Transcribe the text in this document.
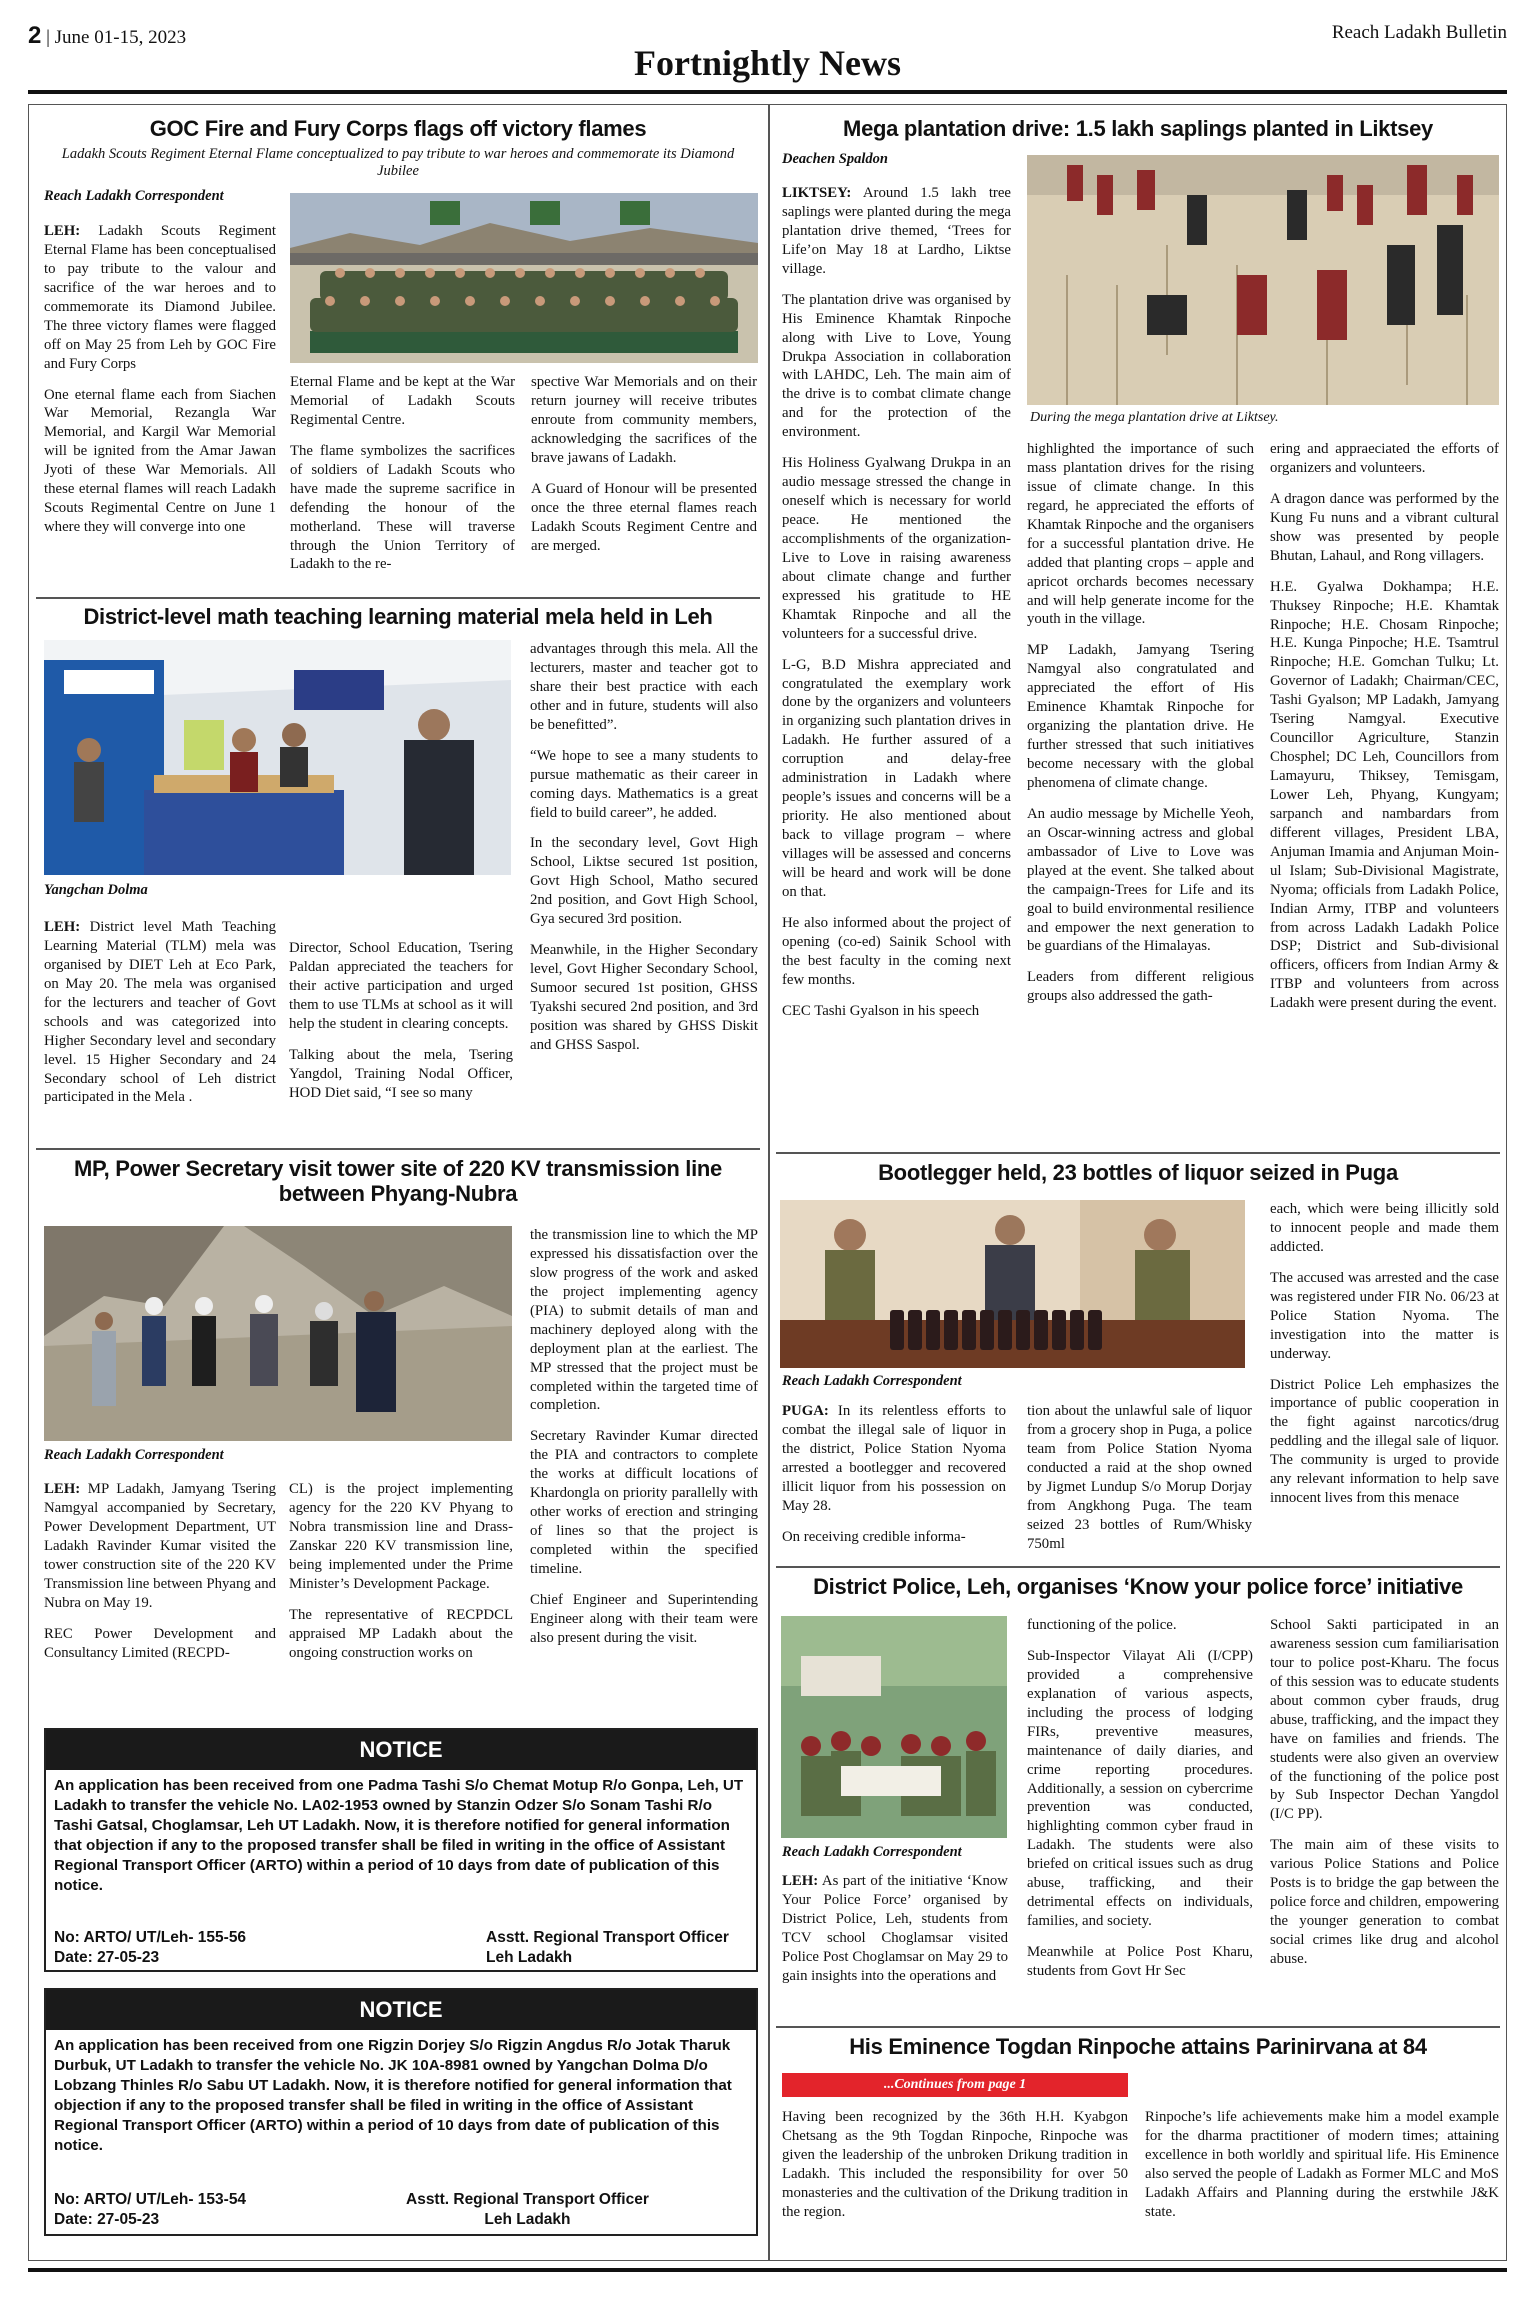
2 | June 01-15, 2023	Reach Ladakh Bulletin
Fortnightly News
GOC Fire and Fury Corps flags off victory flames
Ladakh Scouts Regiment Eternal Flame conceptualized to pay tribute to war heroes and commemorate its Diamond Jubilee
Reach Ladakh Correspondent

LEH: Ladakh Scouts Regiment Eternal Flame has been conceptualised to pay tribute to the valour and sacrifice of the war heroes and to commemorate its Diamond Jubilee. The three victory flames were flagged off on May 25 from Leh by GOC Fire and Fury Corps

One eternal flame each from Siachen War Memorial, Rezangla War Memorial, and Kargil War Memorial will be ignited from the Amar Jawan Jyoti of these War Memorials. All these eternal flames will reach Ladakh Scouts Regimental Centre on June 1 where they will converge into one

Eternal Flame and be kept at the War Memorial of Ladakh Scouts Regimental Centre.

The flame symbolizes the sacrifices of soldiers of Ladakh Scouts who have made the supreme sacrifice in defending the honour of the motherland. These will traverse through the Union Territory of Ladakh to the re-

spective War Memorials and on their return journey will receive tributes enroute from community members, acknowledging the sacrifices of the brave jawans of Ladakh.

A Guard of Honour will be presented once the three eternal flames reach Ladakh Scouts Regiment Centre and are merged.

District-level math teaching learning material mela held in Leh
Yangchan Dolma

LEH: District level Math Teaching Learning Material (TLM) mela was organised by DIET Leh at Eco Park, on May 20. The mela was organised for the lecturers and teacher of Govt schools and was categorized into Higher Secondary level and secondary level. 15 Higher Secondary and 24 Secondary school of Leh district participated in the Mela .

Director, School Education, Tsering Paldan appreciated the teachers for their active participation and urged them to use TLMs at school as it will help the student in clearing concepts.

Talking about the mela, Tsering Yangdol, Training Nodal Officer, HOD Diet said, “I see so many

advantages through this mela. All the lecturers, master and teacher got to share their best practice with each other and in future, students will also be benefitted”.

“We hope to see a many students to pursue mathematic as their career in coming days. Mathematics is a great field to build career”, he added.

In the secondary level, Govt High School, Liktse secured 1st position, Govt High School, Matho secured 2nd position, and Govt High School, Gya secured 3rd position.

Meanwhile, in the Higher Secondary level, Govt Higher Secondary School, Sumoor secured 1st position, GHSS Tyakshi secured 2nd position, and 3rd position was shared by GHSS Diskit and GHSS Saspol.

MP, Power Secretary visit tower site of 220 KV transmission line between Phyang-Nubra
Reach Ladakh Correspondent

LEH: MP Ladakh, Jamyang Tsering Namgyal accompanied by Secretary, Power Development Department, UT Ladakh Ravinder Kumar visited the tower construction site of the 220 KV Transmission line between Phyang and Nubra on May 19.

REC Power Development and Consultancy Limited (RECPD-

CL) is the project implementing agency for the 220 KV Phyang to Nobra transmission line and Drass-Zanskar 220 KV transmission line, being implemented under the Prime Minister’s Development Package.

The representative of RECPDCL appraised MP Ladakh about the ongoing construction works on

the transmission line to which the MP expressed his dissatisfaction over the slow progress of the work and asked the project implementing agency (PIA) to submit details of man and machinery deployed along with the deployment plan at the earliest. The MP stressed that the project must be completed within the targeted time of completion.

Secretary Ravinder Kumar directed the PIA and contractors to complete the works at difficult locations of Khardongla on priority parallelly with other works of erection and stringing of lines so that the project is completed within the specified timeline.

Chief Engineer and Superintending Engineer along with their team were also present during the visit.

NOTICE
An application has been received from one Padma Tashi S/o Chemat Motup R/o Gonpa, Leh, UT Ladakh to transfer the vehicle No. LA02-1953 owned by Stanzin Odzer S/o Sonam Tashi R/o Tashi Gatsal, Choglamsar, Leh UT Ladakh. Now, it is therefore notified for general information that objection if any to the proposed transfer shall be filed in writing in the office of Assistant Regional Transport Officer (ARTO) within a period of 10 days from date of publication of this notice.
No: ARTO/ UT/Leh- 155-56
Date: 27-05-23
Asstt. Regional Transport Officer
Leh Ladakh
NOTICE
An application has been received from one Rigzin Dorjey S/o Rigzin Angdus R/o Jotak Tharuk Durbuk, UT Ladakh to transfer the vehicle No. JK 10A-8981 owned by Yangchan Dolma D/o Lobzang Thinles R/o Sabu UT Ladakh. Now, it is therefore notified for general information that objection if any to the proposed transfer shall be filed in writing in the office of Assistant Regional Transport Officer (ARTO) within a period of 10 days from date of publication of this notice.
No: ARTO/ UT/Leh- 153-54
Date: 27-05-23
Asstt. Regional Transport Officer
Leh Ladakh
Mega plantation drive: 1.5 lakh saplings planted in Liktsey
Deachen Spaldon
During the mega plantation drive at Liktsey.

LIKTSEY: Around 1.5 lakh tree saplings were planted during the mega plantation drive themed, ‘Trees for Life’on May 18 at Lardho, Liktse village.

The plantation drive was organised by His Eminence Khamtak Rinpoche along with Live to Love, Young Drukpa Association in collaboration with LAHDC, Leh. The main aim of the drive is to combat climate change and for the protection of the environment.

His Holiness Gyalwang Drukpa in an audio message stressed the change in oneself which is necessary for world peace. He mentioned the accomplishments of the organization- Live to Love in raising awareness about climate change and further expressed his gratitude to HE Khamtak Rinpoche and all the volunteers for a successful drive.

L-G, B.D Mishra appreciated and congratulated the exemplary work done by the organizers and volunteers in organizing such plantation drives in Ladakh. He further assured of a corruption and delay-free administration in Ladakh where people’s issues and concerns will be a priority. He also mentioned about back to village program – where villages will be assessed and concerns will be heard and work will be done on that.

He also informed about the project of opening (co-ed) Sainik School with the best faculty in the coming next few months.

CEC Tashi Gyalson in his speech

highlighted the importance of such mass plantation drives for the rising issue of climate change. In this regard, he appreciated the efforts of Khamtak Rinpoche and the organisers for a successful plantation drive. He added that planting crops – apple and apricot orchards becomes necessary and will help generate income for the youth in the village.

MP Ladakh, Jamyang Tsering Namgyal also congratulated and appreciated the effort of His Eminence Khamtak Rinpoche for organizing the plantation drive. He further stressed that such initiatives become necessary with the global phenomena of climate change.

An audio message by Michelle Yeoh, an Oscar-winning actress and global ambassador of Live to Love was played at the event. She talked about the campaign-Trees for Life and its goal to build environmental resilience and empower the next generation to be guardians of the Himalayas.

Leaders from different religious groups also addressed the gath-

ering and appraeciated the efforts of organizers and volunteers.

A dragon dance was performed by the Kung Fu nuns and a vibrant cultural show was presented by people Bhutan, Lahaul, and Rong villagers.

H.E. Gyalwa Dokhampa; H.E. Thuksey Rinpoche; H.E. Khamtak Rinpoche; H.E. Chosam Rinpoche; H.E. Kunga Pinpoche; H.E. Tsamtrul Rinpoche; H.E. Gomchan Tulku; Lt. Governor of Ladakh; Chairman/CEC, Tashi Gyalson; MP Ladakh, Jamyang Tsering Namgyal. Executive Councillor Agriculture, Stanzin Chosphel; DC Leh, Councillors from Lamayuru, Thiksey, Temisgam, Lower Leh, Phyang, Kungyam; sarpanch and nambardars from different villages, President LBA, Anjuman Imamia and Anjuman Moin-ul Islam; Sub-Divisional Magistrate, Nyoma; officials from Ladakh Police, Indian Army, ITBP and volunteers from across Ladakh Ladakh Police DSP; District and Sub-divisional officers, officers from Indian Army & ITBP and volunteers from across Ladakh were present during the event.

Bootlegger held, 23 bottles of liquor seized in Puga
Reach Ladakh Correspondent

PUGA: In its relentless efforts to combat the illegal sale of liquor in the district, Police Station Nyoma arrested a bootlegger and recovered illicit liquor from his possession on May 28.

On receiving credible informa-

tion about the unlawful sale of liquor from a grocery shop in Puga, a police team from Police Station Nyoma conducted a raid at the shop owned by Jigmet Lundup S/o Morup Dorjay from Angkhong Puga. The team seized 23 bottles of Rum/Whisky 750ml

each, which were being illicitly sold to innocent people and made them addicted.

The accused was arrested and the case was registered under FIR No. 06/23 at Police Station Nyoma. The investigation into the matter is underway.

District Police Leh emphasizes the importance of public cooperation in the fight against narcotics/drug peddling and the illegal sale of liquor. The community is urged to provide any relevant information to help save innocent lives from this menace

District Police, Leh, organises ‘Know your police force’ initiative
Reach Ladakh Correspondent

LEH: As part of the initiative ‘Know Your Police Force’ organised by District Police, Leh, students from TCV school Choglamsar visited Police Post Choglamsar on May 29 to gain insights into the operations and

functioning of the police.

Sub-Inspector Vilayat Ali (I/CPP) provided a comprehensive explanation of various aspects, including the process of lodging FIRs, preventive measures, maintenance of daily diaries, and crime reporting procedures. Additionally, a session on cybercrime prevention was conducted, highlighting common cyber fraud in Ladakh. The students were also briefed on critical issues such as drug abuse, trafficking, and their detrimental effects on individuals, families, and society.

Meanwhile at Police Post Kharu, students from Govt Hr Sec

School Sakti participated in an awareness session cum familiarisation tour to police post-Kharu. The focus of this session was to educate students about common cyber frauds, drug abuse, trafficking, and the impact they have on families and friends. The students were also given an overview of the functioning of the police post by Sub Inspector Dechan Yangdol (I/C PP).

The main aim of these visits to various Police Stations and Police Posts is to bridge the gap between the police force and children, empowering the younger generation to combat social crimes like drug and alcohol abuse.

His Eminence Togdan Rinpoche attains Parinirvana at 84
...Continues from page 1

Having been recognized by the 36th H.H. Kyabgon Chetsang as the 9th Togdan Rinpoche, Rinpoche was given the leadership of the unbroken Drikung tradition in Ladakh. This included the responsibility for over 50 monasteries and the cultivation of the Drikung tradition in the region.

Rinpoche’s life achievements make him a model example for the dharma practitioner of modern times; attaining excellence in both worldly and spiritual life. His Eminence also served the people of Ladakh as Former MLC and MoS Ladakh Affairs and Planning during the erstwhile J&K state.
